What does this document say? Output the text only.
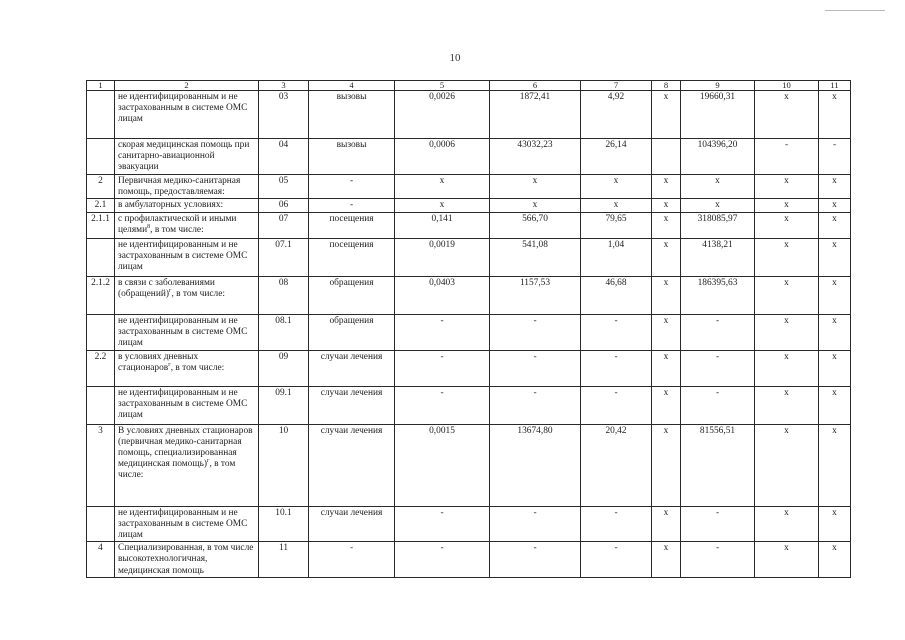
10
1	2	3	4	5	6	7	8	9	10	11
	не идентифицированным и не застрахованным в системе ОМС лицам	03	вызовы	0,0026	1872,41	4,92	x	19660,31	x	x
	скорая медицинская помощь при санитарно-авиационной эвакуации	04	вызовы	0,0006	43032,23	26,14		104396,20	-	-
2	Первичная медико-санитарная помощь, предоставляемая:	05	-	x	x	x	x	x	x	x
2.1	в амбулаторных условиях:	06	-	x	x	x	x	x	x	x
2.1.1	с профилактической и иными целями$^8$, в том числе:	07	посещения	0,141	566,70	79,65	x	318085,97	x	x
	не идентифицированным и не застрахованным в системе ОМС лицам	07.1	посещения	0,0019	541,08	1,04	x	4138,21	x	x
2.1.2	в связи с заболеваниями (обращений)$^г$, в том числе:	08	обращения	0,0403	1157,53	46,68	x	186395,63	x	x
	не идентифицированным и не застрахованным в системе ОМС лицам	08.1	обращения	-	-	-	x	-	x	x
2.2	в условиях дневных стационаров$^г$, в том числе:	09	случаи лечения	-	-	-	x	-	x	x
	не идентифицированным и не застрахованным в системе ОМС лицам	09.1	случаи лечения	-	-	-	x	-	x	x
3	В условиях дневных стационаров (первичная медико-санитарная помощь, специализированная медицинская помощь)$^г$, в том числе:	10	случаи лечения	0,0015	13674,80	20,42	x	81556,51	x	x
	не идентифицированным и не застрахованным в системе ОМС лицам	10.1	случаи лечения	-	-	-	x	-	x	x
4	Специализированная, в том числе высокотехнологичная, медицинская помощь	11	-	-	-	-	x	-	x	x
